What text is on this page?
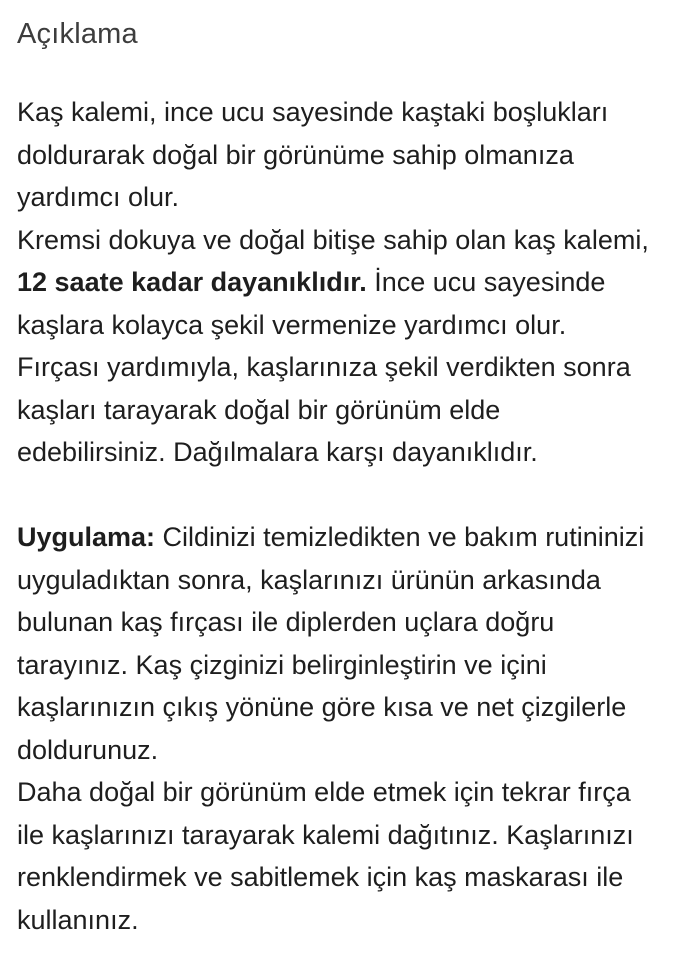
Açıklama
Kaş kalemi, ince ucu sayesinde kaştaki boşlukları
doldurarak doğal bir görünüme sahip olmanıza
yardımcı olur.
Kremsi dokuya ve doğal bitişe sahip olan kaş kalemi,
12 saate kadar dayanıklıdır. İnce ucu sayesinde
kaşlara kolayca şekil vermenize yardımcı olur.
Fırçası yardımıyla, kaşlarınıza şekil verdikten sonra
kaşları tarayarak doğal bir görünüm elde
edebilirsiniz. Dağılmalara karşı dayanıklıdır.
Uygulama: Cildinizi temizledikten ve bakım rutininizi
uyguladıktan sonra, kaşlarınızı ürünün arkasında
bulunan kaş fırçası ile diplerden uçlara doğru
tarayınız. Kaş çizginizi belirginleştirin ve içini
kaşlarınızın çıkış yönüne göre kısa ve net çizgilerle
doldurunuz.
Daha doğal bir görünüm elde etmek için tekrar fırça
ile kaşlarınızı tarayarak kalemi dağıtınız. Kaşlarınızı
renklendirmek ve sabitlemek için kaş maskarası ile
kullanınız.
